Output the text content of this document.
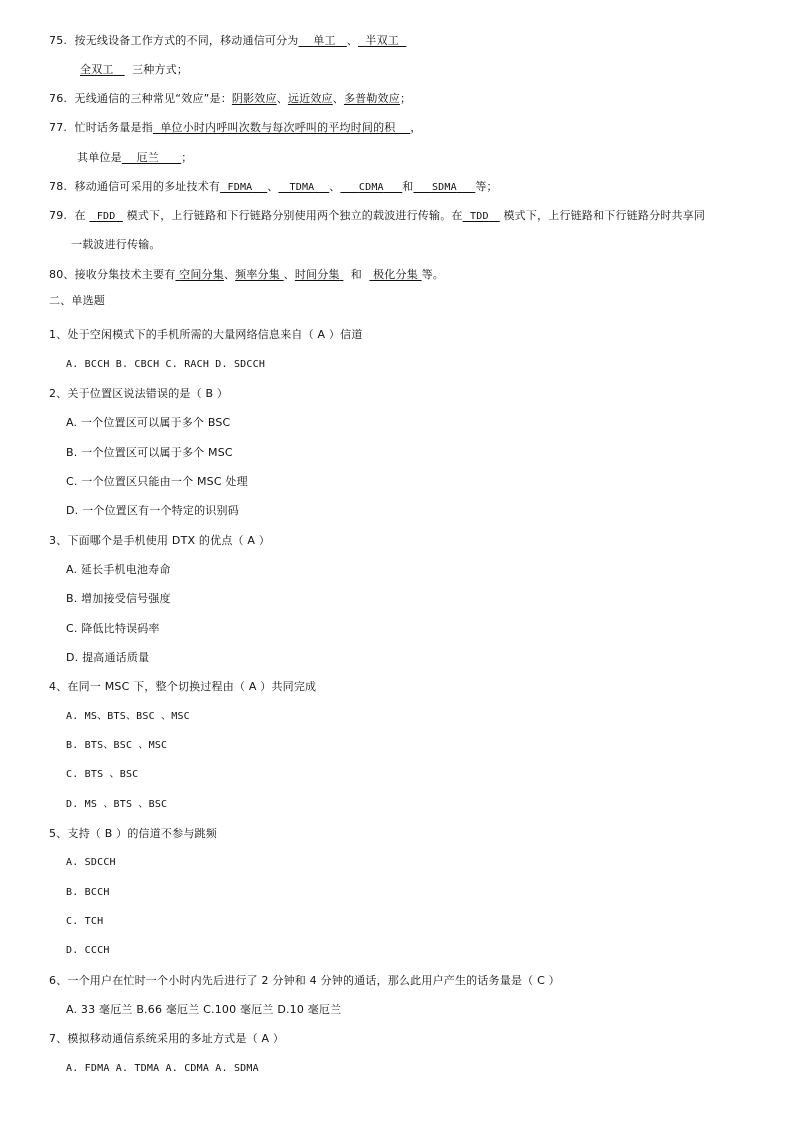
75. 按无线设备工作方式的不同，移动通信可分为 单工 、 半双工
全双工 三种方式；
76. 无线通信的三种常见“效应”是：阴影效应、远近效应、多普勒效应；
77. 忙时话务量是指 单位小时内呼叫次数与每次呼叫的平均时间的积 ，
其单位是 厄兰 ；
78. 移动通信可采用的多址技术有 FDMA 、 TDMA 、 CDMA 和 SDMA 等；
79. 在 FDD 模式下，上行链路和下行链路分别使用两个独立的载波进行传输。在 TDD 模式下，上行链路和下行链路分时共享同
一载波进行传输。
80、接收分集技术主要有 空间分集、频率分集 、时间分集 和 极化分集 等。
二、单选题
1、处于空闲模式下的手机所需的大量网络信息来自（ A ）信道
A. BCCH B. CBCH C. RACH D. SDCCH
2、关于位置区说法错误的是（ B ）
A. 一个位置区可以属于多个 BSC
B. 一个位置区可以属于多个 MSC
C. 一个位置区只能由一个 MSC 处理
D. 一个位置区有一个特定的识别码
3、下面哪个是手机使用 DTX 的优点（ A ）
A. 延长手机电池寿命
B. 增加接受信号强度
C. 降低比特误码率
D. 提高通话质量
4、在同一 MSC 下，整个切换过程由（ A ）共同完成
A. MS、BTS、BSC 、MSC
B. BTS、BSC 、MSC
C. BTS 、BSC
D. MS 、BTS 、BSC
5、支持（ B ）的信道不参与跳频
A. SDCCH
B. BCCH
C. TCH
D. CCCH
6、一个用户在忙时一个小时内先后进行了 2 分钟和 4 分钟的通话，那么此用户产生的话务量是（ C ）
A. 33 毫厄兰 B.66 毫厄兰 C.100 毫厄兰 D.10 毫厄兰
7、模拟移动通信系统采用的多址方式是（ A ）
A. FDMA A. TDMA A. CDMA A. SDMA
